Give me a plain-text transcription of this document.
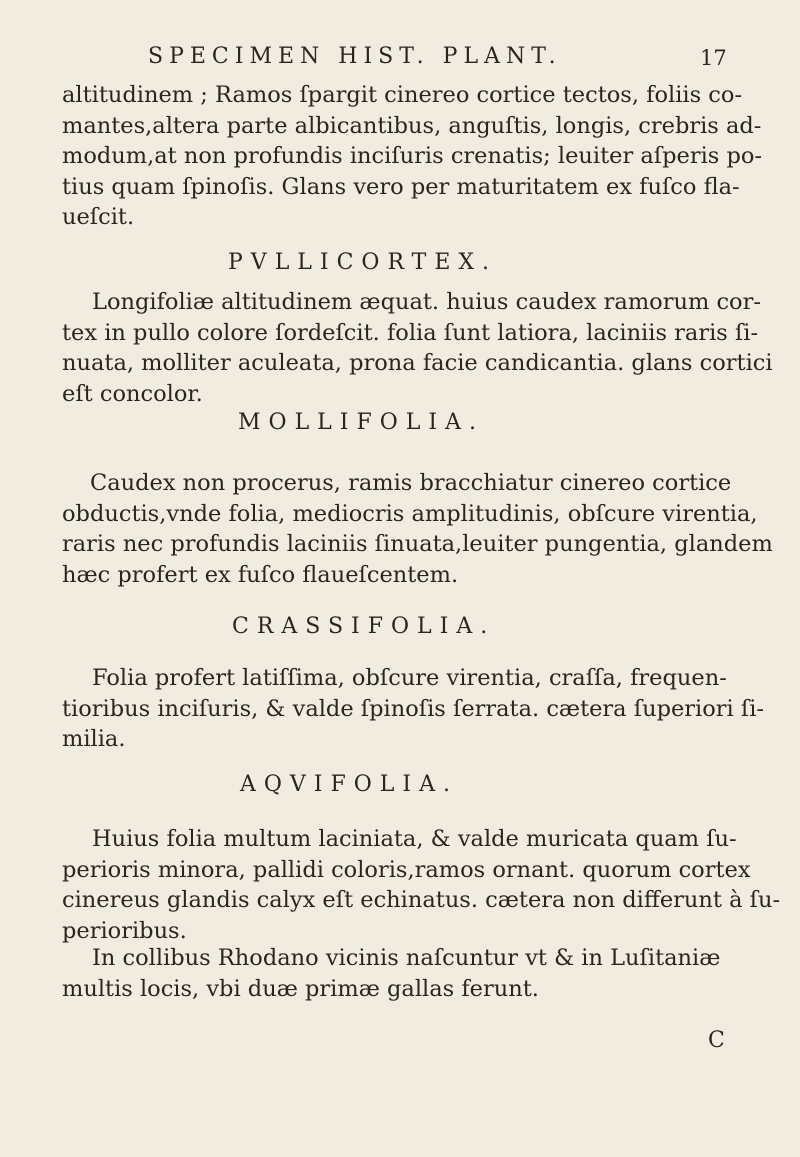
SPECIMEN HIST. PLANT.	17
altitudinem ; Ramos ſpargit cinereo cortice tectos, foliis co-
mantes,altera parte albicantibus, anguſtis, longis, crebris ad-
modum,at non profundis inciſuris crenatis; leuiter aſperis po-
tius quam ſpinoſis. Glans vero per maturitatem ex fuſco fla-
ueſcit.
PVLLICORTEX.
Longifoliæ altitudinem æquat. huius caudex ramorum cor-
tex in pullo colore ſordeſcit. folia ſunt latiora, laciniis raris ſi-
nuata, molliter aculeata, prona facie candicantia. glans cortici
eſt concolor.
MOLLIFOLIA.
Caudex non procerus, ramis bracchiatur cinereo cortice
obductis,vnde folia, mediocris amplitudinis, obſcure virentia,
raris nec profundis laciniis ſinuata,leuiter pungentia, glandem
hæc profert ex fuſco flaueſcentem.
CRASSIFOLIA.
Folia profert latiſſima, obſcure virentia, craſſa, frequen-
tioribus inciſuris, & valde ſpinoſis ſerrata. cætera ſuperiori ſi-
milia.
AQVIFOLIA.
Huius folia multum laciniata, & valde muricata quam ſu-
perioris minora, pallidi coloris,ramos ornant. quorum cortex
cinereus glandis calyx eſt echinatus. cætera non differunt à ſu-
perioribus.
In collibus Rhodano vicinis naſcuntur vt & in Luſitaniæ
multis locis, vbi duæ primæ gallas ferunt.
C
